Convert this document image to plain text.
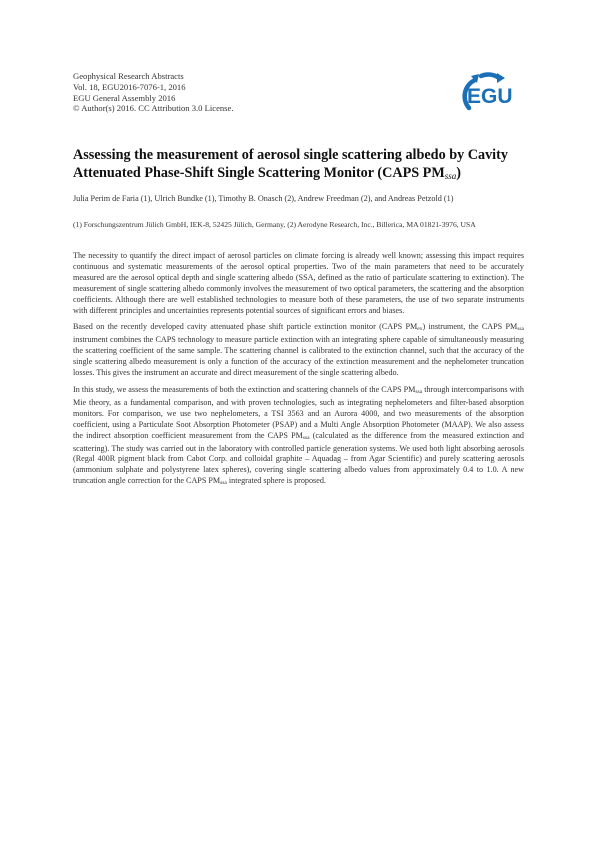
Geophysical Research Abstracts
Vol. 18, EGU2016-7076-1, 2016
EGU General Assembly 2016
© Author(s) 2016. CC Attribution 3.0 License.
EGU
Assessing the measurement of aerosol single scattering albedo by Cavity Attenuated Phase-Shift Single Scattering Monitor (CAPS $PM_{ssa}$)
Julia Perim de Faria (1), Ulrich Bundke (1), Timothy B. Onasch (2), Andrew Freedman (2), and Andreas Petzold (1)
(1) Forschungszentrum Jülich GmbH, IEK-8, 52425 Jülich, Germany, (2) Aerodyne Research, Inc., Billerica, MA 01821-3976, USA

The necessity to quantify the direct impact of aerosol particles on climate forcing is already well known; assessing this impact requires continuous and systematic measurements of the aerosol optical properties. Two of the main parameters that need to be accurately measured are the aerosol optical depth and single scattering albedo (SSA, defined as the ratio of particulate scattering to extinction). The measurement of single scattering albedo commonly involves the measurement of two optical parameters, the scattering and the absorption coefficients. Although there are well established technologies to measure both of these parameters, the use of two separate instruments with different principles and uncertainties represents potential sources of significant errors and biases.

Based on the recently developed cavity attenuated phase shift particle extinction monitor (CAPS PMex) instrument, the CAPS PMssa instrument combines the CAPS technology to measure particle extinction with an integrating sphere capable of simultaneously measuring the scattering coefficient of the same sample. The scattering channel is calibrated to the extinction channel, such that the accuracy of the single scattering albedo measurement is only a function of the accuracy of the extinction measurement and the nephelometer truncation losses. This gives the instrument an accurate and direct measurement of the single scattering albedo.

In this study, we assess the measurements of both the extinction and scattering channels of the CAPS PMssa through intercomparisons with Mie theory, as a fundamental comparison, and with proven technologies, such as integrating nephelometers and filter-based absorption monitors. For comparison, we use two nephelometers, a TSI 3563 and an Aurora 4000, and two measurements of the absorption coefficient, using a Particulate Soot Absorption Photometer (PSAP) and a Multi Angle Absorption Photometer (MAAP). We also assess the indirect absorption coefficient measurement from the CAPS PMssa (calculated as the difference from the measured extinction and scattering). The study was carried out in the laboratory with controlled particle generation systems. We used both light absorbing aerosols (Regal 400R pigment black from Cabot Corp. and colloidal graphite – Aquadag – from Agar Scientific) and purely scattering aerosols (ammonium sulphate and polystyrene latex spheres), covering single scattering albedo values from approximately 0.4 to 1.0. A new truncation angle correction for the CAPS PMssa integrated sphere is proposed.
